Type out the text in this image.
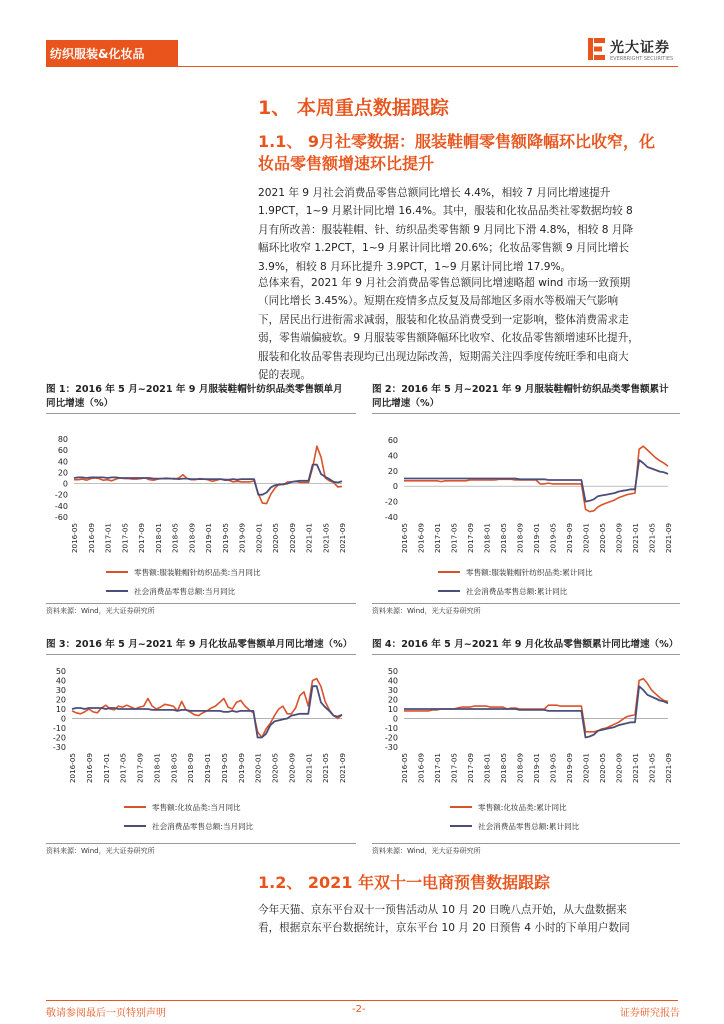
纺织服装&化妆品	光大证券
EVERBRIGHT SECURITIES
1、 本周重点数据跟踪
1.1、 9月社零数据：服装鞋帽零售额降幅环比收窄，化
妆品零售额增速环比提升
2021 年 9 月社会消费品零售总额同比增长 4.4%，相较 7 月同比增速提升
1.9PCT，1~9 月累计同比增 16.4%。其中，服装和化妆品品类社零数据均较 8
月有所改善：服装鞋帽、针、纺织品类零售额 9 月同比下滑 4.8%，相较 8 月降
幅环比收窄 1.2PCT，1~9 月累计同比增 20.6%；化妆品零售额 9 月同比增长
3.9%，相较 8 月环比提升 3.9PCT，1~9 月累计同比增 17.9%。
总体来看，2021 年 9 月社会消费品零售总额同比增速略超 wind 市场一致预期
（同比增长 3.45%）。短期在疫情多点反复及局部地区多雨水等极端天气影响
下，居民出行进衔需求减弱，服装和化妆品消费受到一定影响，整体消费需求走
弱，零售端偏疲软。9 月服装零售额降幅环比收窄、化妆品零售额增速环比提升，
服装和化妆品零售表现均已出现边际改善，短期需关注四季度传统旺季和电商大
促的表现。
图 1：2016 年 5 月~2021 年 9 月服装鞋帽针纺织品类零售额单月
同比增速（%）
80
60
40
20
0
-20
-40
-60
2016-05 2016-09 2017-01 2017-05 2017-09 2018-01 2018-05 2018-09 2019-01 2019-05 2019-09 2020-01 2020-05 2020-09 2021-01 2021-05 2021-09
零售额:服装鞋帽针纺织品类:当月同比
社会消费品零售总额:当月同比
资料来源：Wind，光大证券研究所
图 2：2016 年 5 月~2021 年 9 月服装鞋帽针纺织品类零售额累计
同比增速（%）
60
40
20
0
-20
-40
2016-05 2016-09 2017-01 2017-05 2017-09 2018-01 2018-05 2018-09 2019-01 2019-05 2019-09 2020-01 2020-05 2020-09 2021-01 2021-05 2021-09
零售额:服装鞋帽针纺织品类:累计同比
社会消费品零售总额:累计同比
资料来源：Wind，光大证券研究所
图 3：2016 年 5 月~2021 年 9 月化妆品零售额单月同比增速（%）
50
40
30
20
10
0
-10
-20
-30
2016-05 2016-09 2017-01 2017-05 2017-09 2018-01 2018-05 2018-09 2019-01 2019-05 2019-09 2020-01 2020-05 2020-09 2021-01 2021-05 2021-09
零售额:化妆品类:当月同比
社会消费品零售总额:当月同比
资料来源：Wind，光大证券研究所
图 4：2016 年 5 月~2021 年 9 月化妆品零售额累计同比增速（%）
50
40
30
20
10
0
-10
-20
-30
2016-05 2016-09 2017-01 2017-05 2017-09 2018-01 2018-05 2018-09 2019-01 2019-05 2019-09 2020-01 2020-05 2020-09 2021-01 2021-05 2021-09
零售额:化妆品类:累计同比
社会消费品零售总额:累计同比
资料来源：Wind，光大证券研究所
1.2、 2021 年双十一电商预售数据跟踪
今年天猫、京东平台双十一预售活动从 10 月 20 日晚八点开始，从大盘数据来
看，根据京东平台数据统计，京东平台 10 月 20 日预售 4 小时的下单用户数同
敬请参阅最后一页特别声明	-2-	证券研究报告
